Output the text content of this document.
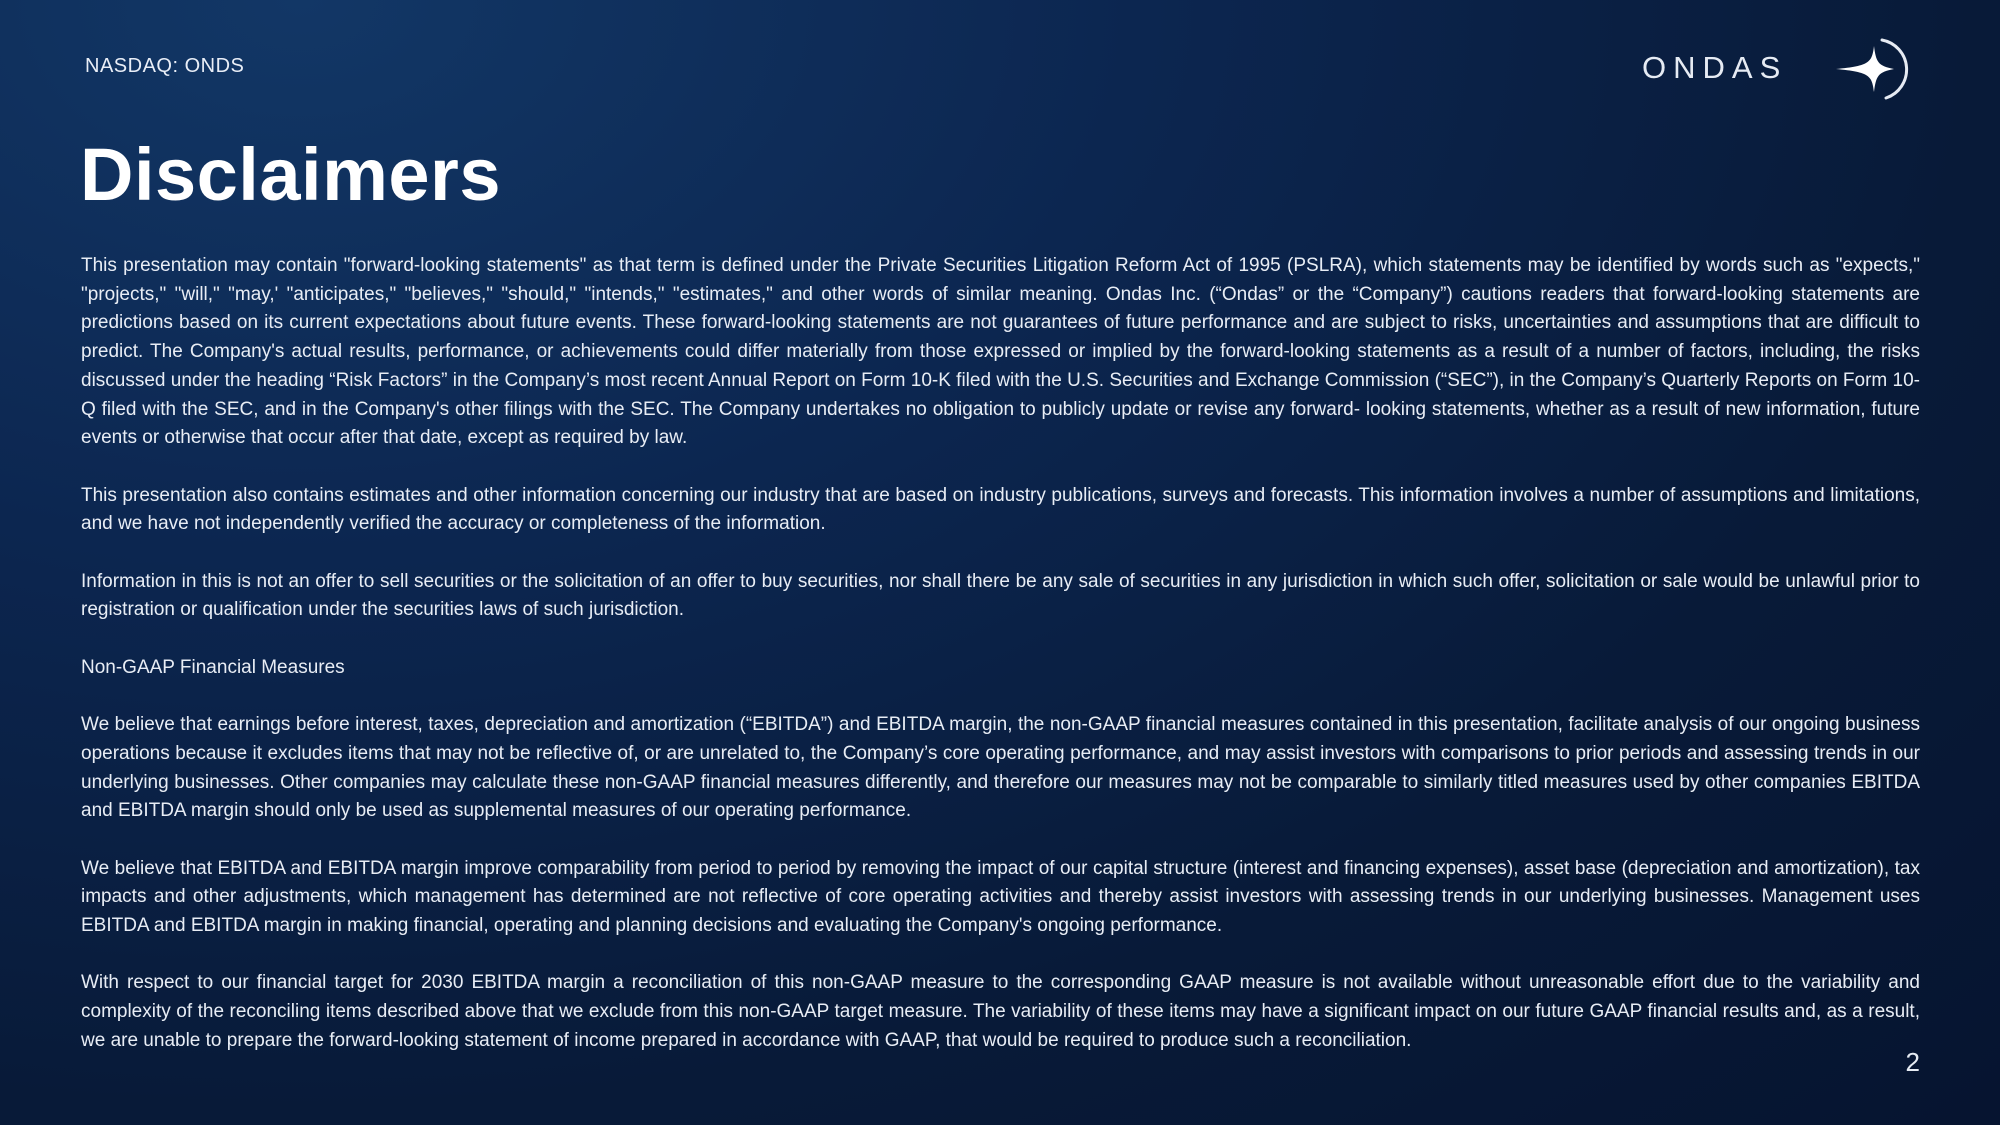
NASDAQ: ONDS	ONDAS
Disclaimers

This presentation may contain "forward-looking statements" as that term is defined under the Private Securities Litigation Reform Act of 1995 (PSLRA), which statements may be identified by words such as "expects," "projects," "will," "may,' "anticipates," "believes," "should," "intends," "estimates," and other words of similar meaning. Ondas Inc. (“Ondas” or the “Company”) cautions readers that forward-looking statements are predictions based on its current expectations about future events. These forward-looking statements are not guarantees of future performance and are subject to risks, uncertainties and assumptions that are difficult to predict. The Company's actual results, performance, or achievements could differ materially from those expressed or implied by the forward-looking statements as a result of a number of factors, including, the risks discussed under the heading “Risk Factors” in the Company’s most recent Annual Report on Form 10-K filed with the U.S. Securities and Exchange Commission (“SEC”), in the Company’s Quarterly Reports on Form 10-Q filed with the SEC, and in the Company's other filings with the SEC. The Company undertakes no obligation to publicly update or revise any forward- looking statements, whether as a result of new information, future events or otherwise that occur after that date, except as required by law.

This presentation also contains estimates and other information concerning our industry that are based on industry publications, surveys and forecasts. This information involves a number of assumptions and limitations, and we have not independently verified the accuracy or completeness of the information.

Information in this is not an offer to sell securities or the solicitation of an offer to buy securities, nor shall there be any sale of securities in any jurisdiction in which such offer, solicitation or sale would be unlawful prior to registration or qualification under the securities laws of such jurisdiction.

Non-GAAP Financial Measures

We believe that earnings before interest, taxes, depreciation and amortization (“EBITDA”) and EBITDA margin, the non-GAAP financial measures contained in this presentation, facilitate analysis of our ongoing business operations because it excludes items that may not be reflective of, or are unrelated to, the Company’s core operating performance, and may assist investors with comparisons to prior periods and assessing trends in our underlying businesses. Other companies may calculate these non-GAAP financial measures differently, and therefore our measures may not be comparable to similarly titled measures used by other companies EBITDA and EBITDA margin should only be used as supplemental measures of our operating performance.

We believe that EBITDA and EBITDA margin improve comparability from period to period by removing the impact of our capital structure (interest and financing expenses), asset base (depreciation and amortization), tax impacts and other adjustments, which management has determined are not reflective of core operating activities and thereby assist investors with assessing trends in our underlying businesses. Management uses EBITDA and EBITDA margin in making financial, operating and planning decisions and evaluating the Company's ongoing performance.

With respect to our financial target for 2030 EBITDA margin a reconciliation of this non-GAAP measure to the corresponding GAAP measure is not available without unreasonable effort due to the variability and complexity of the reconciling items described above that we exclude from this non-GAAP target measure. The variability of these items may have a significant impact on our future GAAP financial results and, as a result, we are unable to prepare the forward-looking statement of income prepared in accordance with GAAP, that would be required to produce such a reconciliation.

2
